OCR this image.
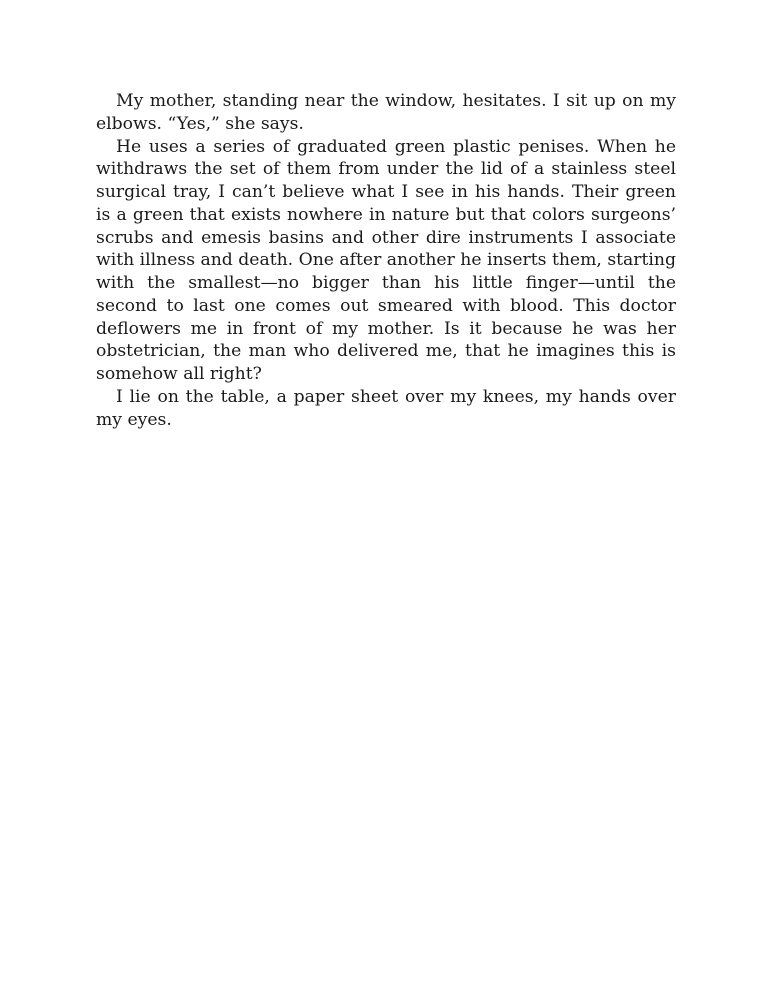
My mother, standing near the window, hesitates. I sit up on my elbows. “Yes,” she says.

He uses a series of graduated green plastic penises. When he withdraws the set of them from under the lid of a stainless steel surgical tray, I can’t believe what I see in his hands. Their green is a green that exists nowhere in nature but that colors surgeons’ scrubs and emesis basins and other dire instruments I associate with illness and death. One after another he inserts them, starting with the smallest—no bigger than his little finger—until the second to last one comes out smeared with blood. This doctor deflowers me in front of my mother. Is it because he was her obstetrician, the man who delivered me, that he imagines this is somehow all right?

I lie on the table, a paper sheet over my knees, my hands over my eyes.
